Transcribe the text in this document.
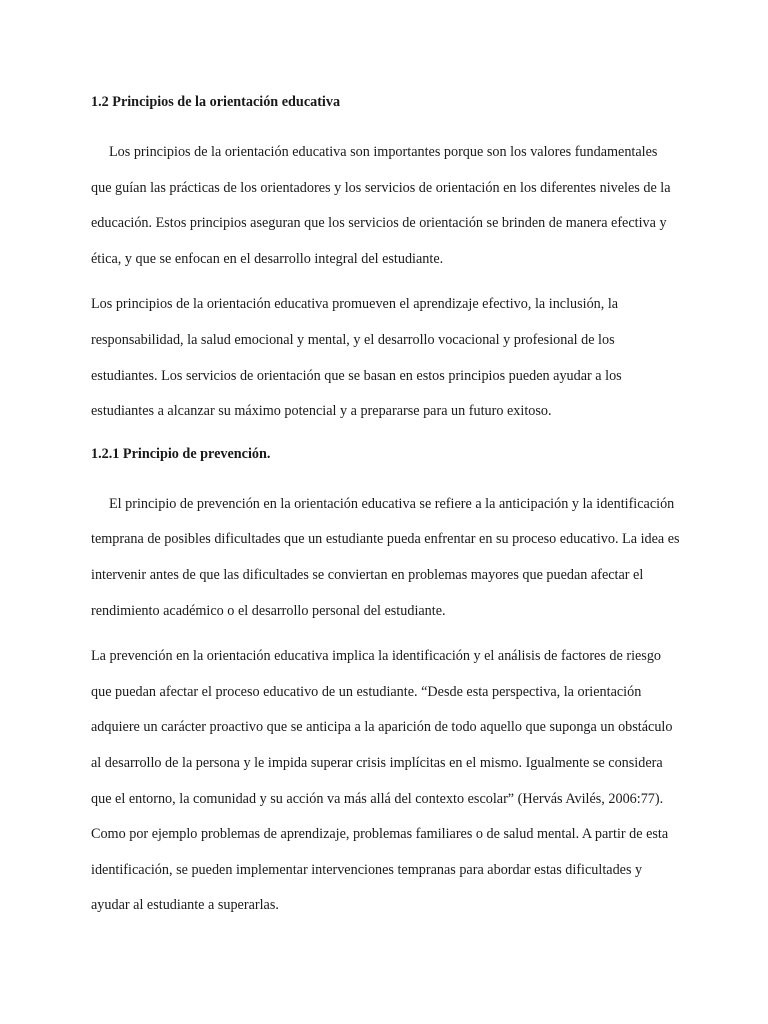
1.2 Principios de la orientación educativa

Los principios de la orientación educativa son importantes porque son los valores fundamentales que guían las prácticas de los orientadores y los servicios de orientación en los diferentes niveles de la educación. Estos principios aseguran que los servicios de orientación se brinden de manera efectiva y ética, y que se enfocan en el desarrollo integral del estudiante.

Los principios de la orientación educativa promueven el aprendizaje efectivo, la inclusión, la responsabilidad, la salud emocional y mental, y el desarrollo vocacional y profesional de los estudiantes. Los servicios de orientación que se basan en estos principios pueden ayudar a los estudiantes a alcanzar su máximo potencial y a prepararse para un futuro exitoso.

1.2.1 Principio de prevención.

El principio de prevención en la orientación educativa se refiere a la anticipación y la identificación temprana de posibles dificultades que un estudiante pueda enfrentar en su proceso educativo. La idea es intervenir antes de que las dificultades se conviertan en problemas mayores que puedan afectar el rendimiento académico o el desarrollo personal del estudiante.

La prevención en la orientación educativa implica la identificación y el análisis de factores de riesgo que puedan afectar el proceso educativo de un estudiante. “Desde esta perspectiva, la orientación adquiere un carácter proactivo que se anticipa a la aparición de todo aquello que suponga un obstáculo al desarrollo de la persona y le impida superar crisis implícitas en el mismo. Igualmente se considera que el entorno, la comunidad y su acción va más allá del contexto escolar” (Hervás Avilés, 2006:77). Como por ejemplo problemas de aprendizaje, problemas familiares o de salud mental. A partir de esta identificación, se pueden implementar intervenciones tempranas para abordar estas dificultades y ayudar al estudiante a superarlas.
